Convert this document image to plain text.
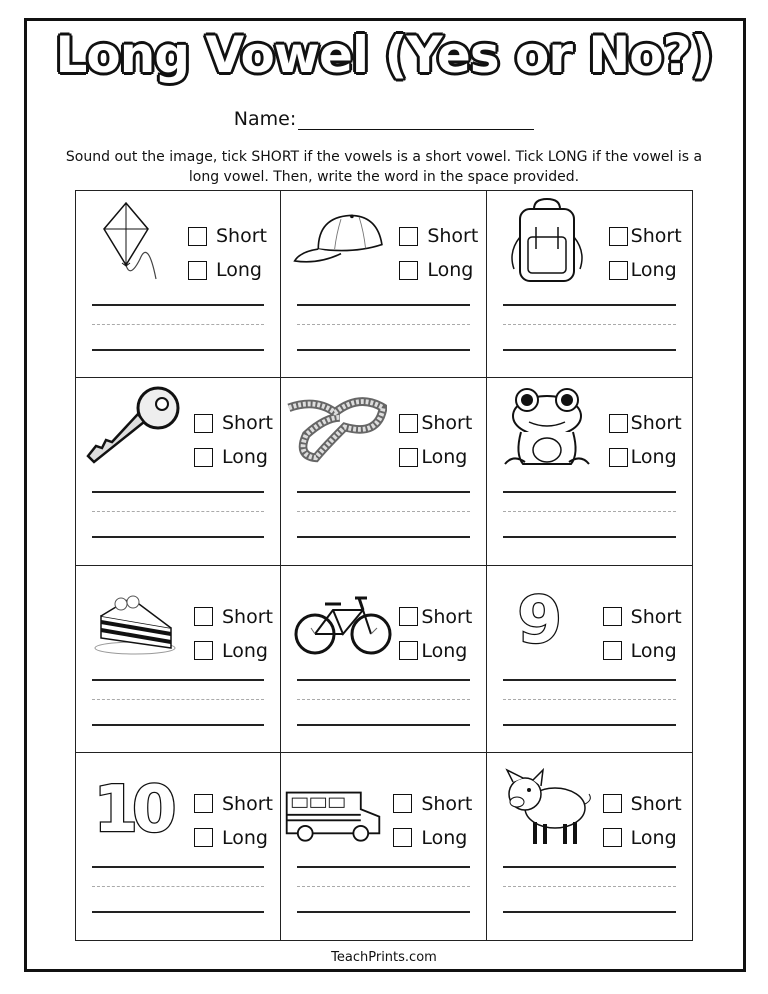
Long Vowel (Yes or No?)
Name:
Sound out the image, tick SHORT if the vowels is a short vowel. Tick LONG if the vowel is a long vowel. Then, write the word in the space provided.
Short
Long
Short
Long
Short
Long
Short
Long
Short
Long
Short
Long
Short
Long
Short
Long 9	Short
Long
10	Short
Long
Short
Long
Short
Long
TeachPrints.com
